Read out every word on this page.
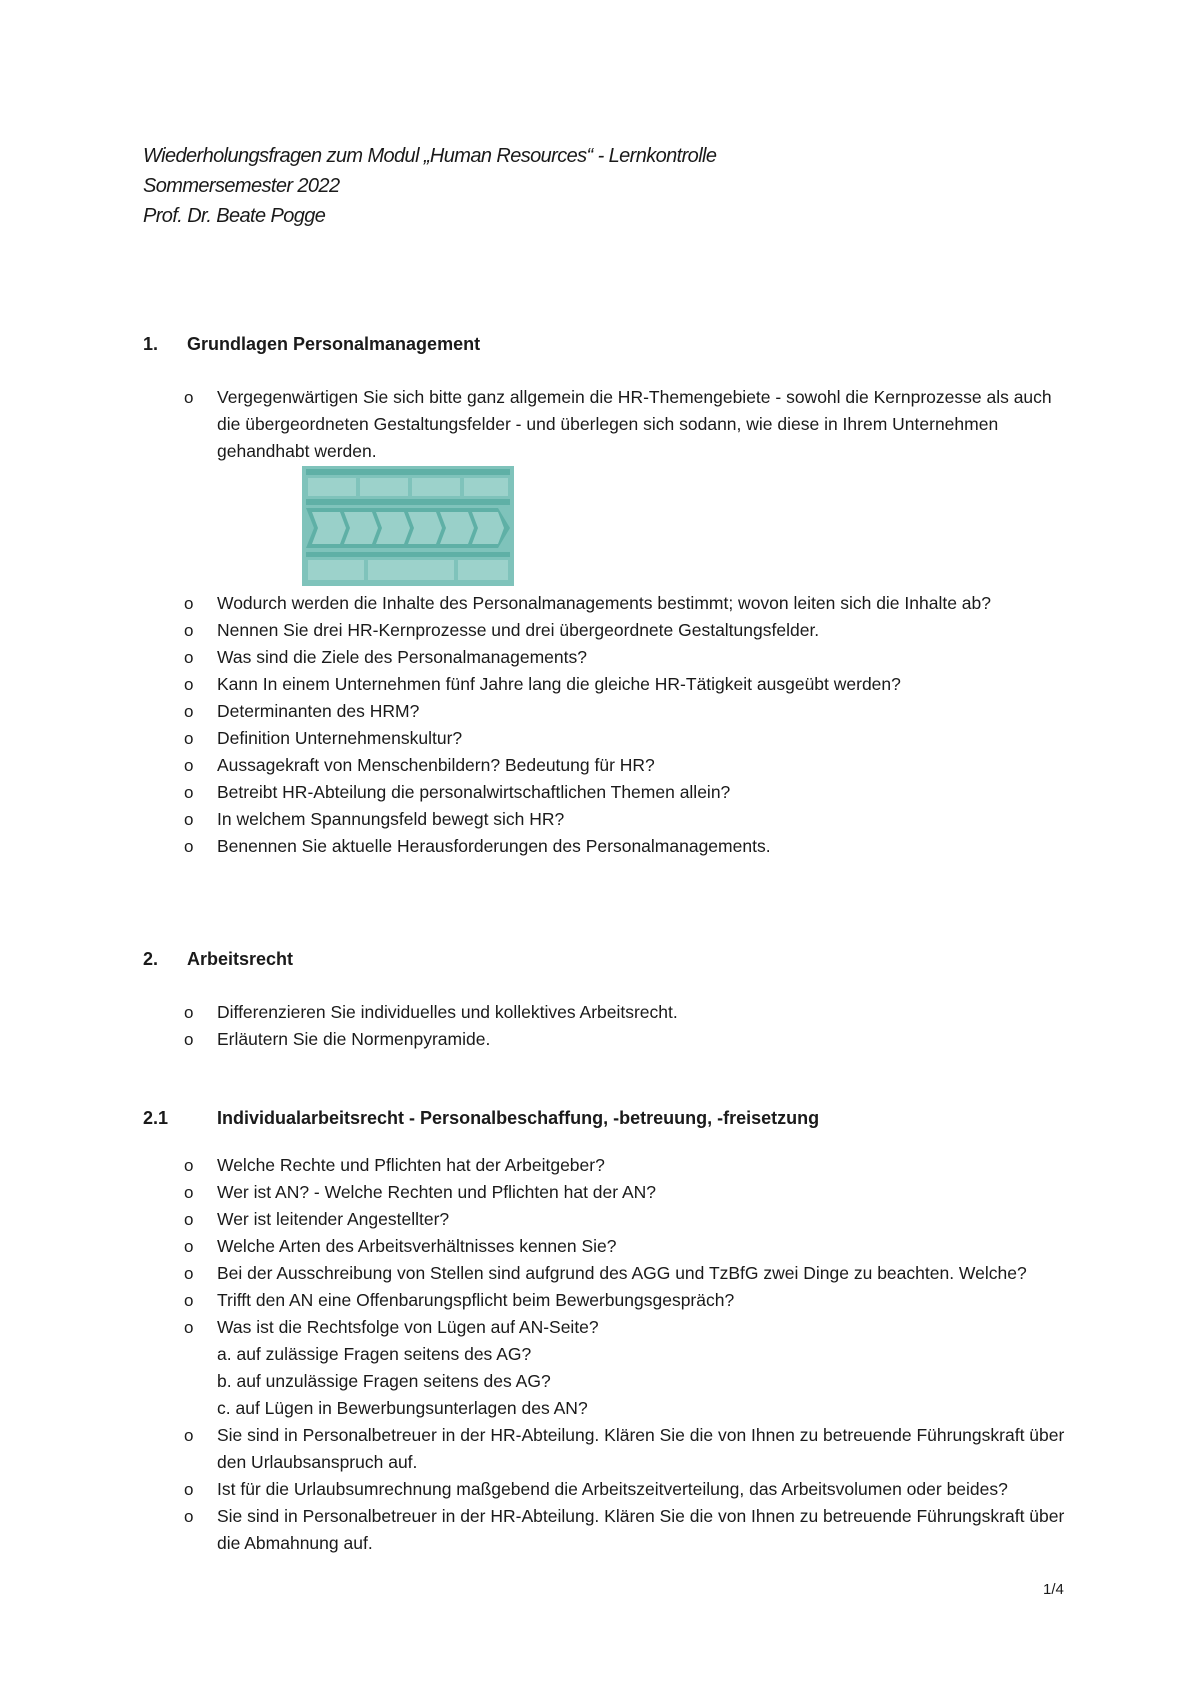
Wiederholungsfragen zum Modul „Human Resources“ - Lernkontrolle
Sommersemester 2022
Prof. Dr. Beate Pogge
1. Grundlagen Personalmanagement
o Vergegenwärtigen Sie sich bitte ganz allgemein die HR-Themengebiete - sowohl die Kernprozesse als auch die übergeordneten Gestaltungsfelder - und überlegen sich sodann, wie diese in Ihrem Unternehmen gehandhabt werden.
o Wodurch werden die Inhalte des Personalmanagements bestimmt; wovon leiten sich die Inhalte ab?
o Nennen Sie drei HR-Kernprozesse und drei übergeordnete Gestaltungsfelder.
o Was sind die Ziele des Personalmanagements?
o Kann In einem Unternehmen fünf Jahre lang die gleiche HR-Tätigkeit ausgeübt werden?
o Determinanten des HRM?
o Definition Unternehmenskultur?
o Aussagekraft von Menschenbildern? Bedeutung für HR?
o Betreibt HR-Abteilung die personalwirtschaftlichen Themen allein?
o In welchem Spannungsfeld bewegt sich HR?
o Benennen Sie aktuelle Herausforderungen des Personalmanagements.
2. Arbeitsrecht
o Differenzieren Sie individuelles und kollektives Arbeitsrecht.
o Erläutern Sie die Normenpyramide.
2.1	Individualarbeitsrecht - Personalbeschaffung, -betreuung, -freisetzung
o Welche Rechte und Pflichten hat der Arbeitgeber?
o Wer ist AN? - Welche Rechten und Pflichten hat der AN?
o Wer ist leitender Angestellter?
o Welche Arten des Arbeitsverhältnisses kennen Sie?
o Bei der Ausschreibung von Stellen sind aufgrund des AGG und TzBfG zwei Dinge zu beachten. Welche?
o Trifft den AN eine Offenbarungspflicht beim Bewerbungsgespräch?
o Was ist die Rechtsfolge von Lügen auf AN-Seite?
a. auf zulässige Fragen seitens des AG?
b. auf unzulässige Fragen seitens des AG?
c. auf Lügen in Bewerbungsunterlagen des AN?
o Sie sind in Personalbetreuer in der HR-Abteilung. Klären Sie die von Ihnen zu betreuende Führungskraft über den Urlaubsanspruch auf.
o Ist für die Urlaubsumrechnung maßgebend die Arbeitszeitverteilung, das Arbeitsvolumen oder beides?
o Sie sind in Personalbetreuer in der HR-Abteilung. Klären Sie die von Ihnen zu betreuende Führungskraft über die Abmahnung auf.
1/4
